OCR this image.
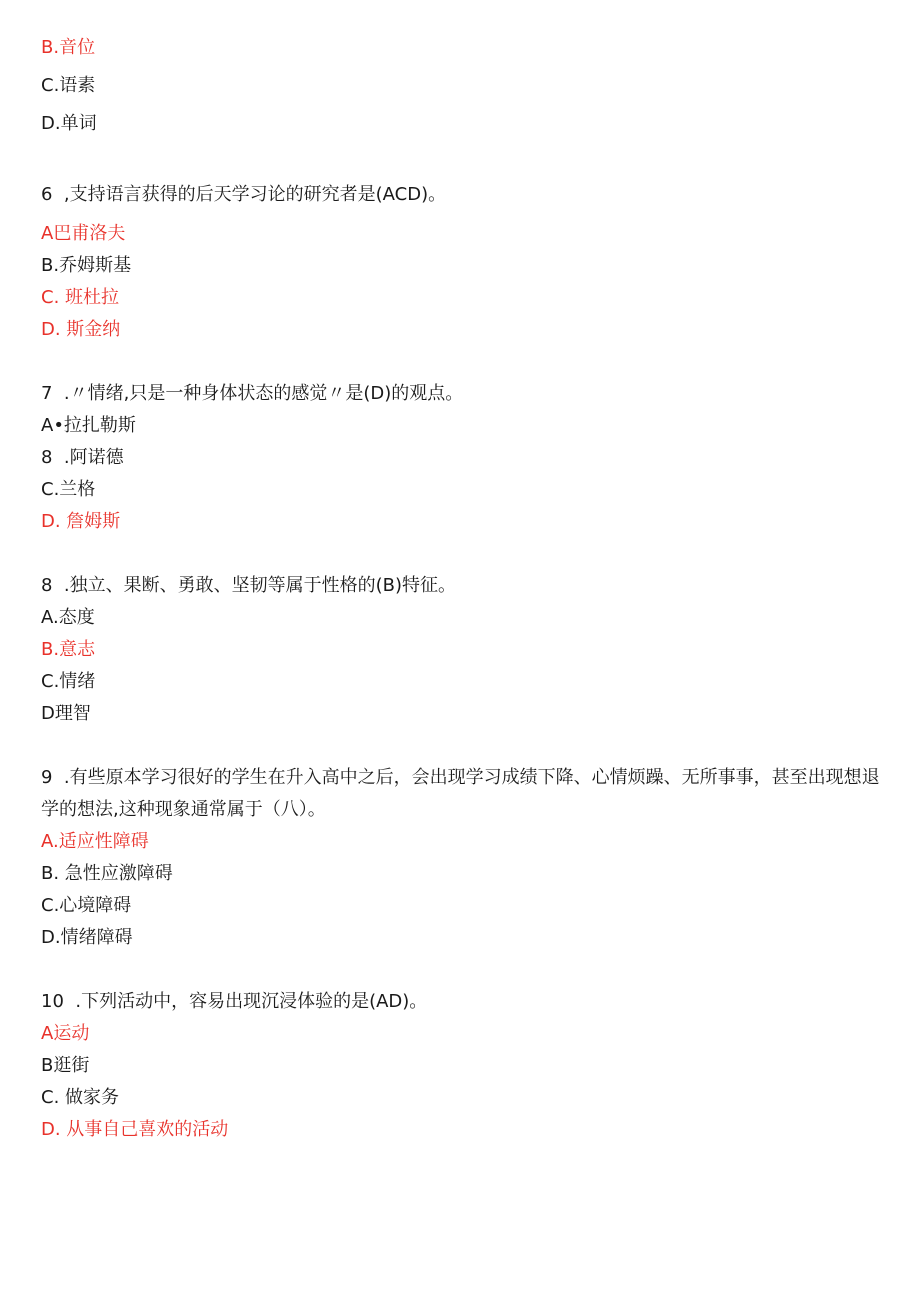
B.音位
C.语素
D.单词
6  ,支持语言获得的后天学习论的研究者是(ACD)。
A巴甫洛夫
B.乔姆斯基
C. 班杜拉
D. 斯金纳
7  .〃情绪,只是一种身体状态的感觉〃是(D)的观点。
A•拉扎勒斯
8  .阿诺德
C.兰格
D. 詹姆斯
8  .独立、果断、勇敢、坚韧等属于性格的(B)特征。
A.态度
B.意志
C.情绪
D理智
9  .有些原本学习很好的学生在升入高中之后，会出现学习成绩下降、心情烦躁、无所事事，甚至出现想退学的想法,这种现象通常属于（八）。
A.适应性障碍
B. 急性应激障碍
C.心境障碍
D.情绪障碍
10  .下列活动中，容易出现沉浸体验的是(AD)。
A运动
B逛街
C. 做家务
D. 从事自己喜欢的活动
